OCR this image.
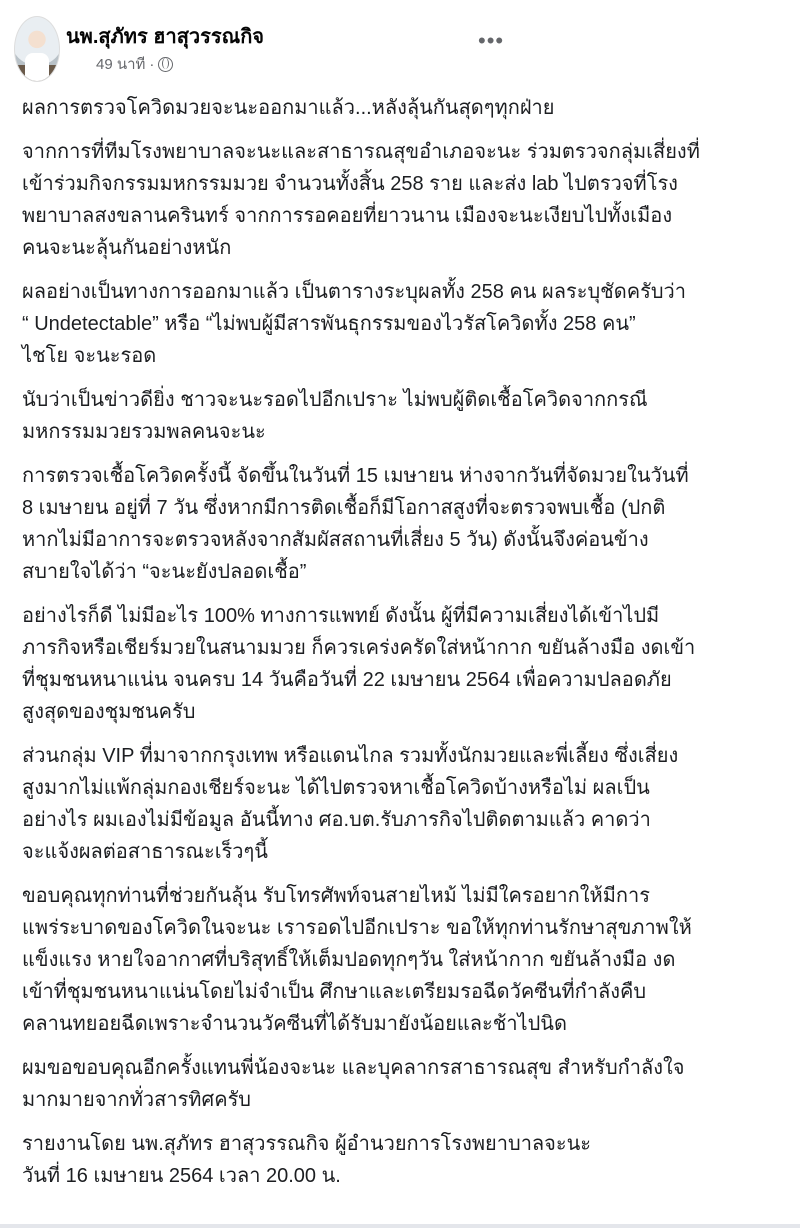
นพ.สุภัทร ฮาสุวรรณกิจ
49 นาที ·
•••

ผลการตรวจโควิดมวยจะนะออกมาแล้ว...หลังลุ้นกันสุดๆทุกฝ่าย

จากการที่ทีมโรงพยาบาลจะนะและสาธารณสุขอำเภอจะนะ ร่วมตรวจกลุ่มเสี่ยงที่
เข้าร่วมกิจกรรมมหกรรมมวย จำนวนทั้งสิ้น 258 ราย และส่ง lab ไปตรวจที่โรง
พยาบาลสงขลานครินทร์ จากการรอคอยที่ยาวนาน เมืองจะนะเงียบไปทั้งเมือง
คนจะนะลุ้นกันอย่างหนัก

ผลอย่างเป็นทางการออกมาแล้ว เป็นตารางระบุผลทั้ง 258 คน ผลระบุชัดครับว่า
“ Undetectable” หรือ “ไม่พบผู้มีสารพันธุกรรมของไวรัสโควิดทั้ง 258 คน”
ไชโย จะนะรอด

นับว่าเป็นข่าวดียิ่ง ชาวจะนะรอดไปอีกเปราะ ไม่พบผู้ติดเชื้อโควิดจากกรณี
มหกรรมมวยรวมพลคนจะนะ

การตรวจเชื้อโควิดครั้งนี้ จัดขึ้นในวันที่ 15 เมษายน ห่างจากวันที่จัดมวยในวันที่
8 เมษายน อยู่ที่ 7 วัน ซึ่งหากมีการติดเชื้อก็มีโอกาสสูงที่จะตรวจพบเชื้อ (ปกติ
หากไม่มีอาการจะตรวจหลังจากสัมผัสสถานที่เสี่ยง 5 วัน) ดังนั้นจึงค่อนข้าง
สบายใจได้ว่า “จะนะยังปลอดเชื้อ”

อย่างไรก็ดี ไม่มีอะไร 100% ทางการแพทย์ ดังนั้น ผู้ที่มีความเสี่ยงได้เข้าไปมี
ภารกิจหรือเชียร์มวยในสนามมวย ก็ควรเคร่งครัดใส่หน้ากาก ขยันล้างมือ งดเข้า
ที่ชุมชนหนาแน่น จนครบ 14 วันคือวันที่ 22 เมษายน 2564 เพื่อความปลอดภัย
สูงสุดของชุมชนครับ

ส่วนกลุ่ม VIP ที่มาจากกรุงเทพ หรือแดนไกล รวมทั้งนักมวยและพี่เลี้ยง ซึ่งเสี่ยง
สูงมากไม่แพ้กลุ่มกองเชียร์จะนะ ได้ไปตรวจหาเชื้อโควิดบ้างหรือไม่ ผลเป็น
อย่างไร ผมเองไม่มีข้อมูล อันนี้ทาง ศอ.บต.รับภารกิจไปติดตามแล้ว คาดว่า
จะแจ้งผลต่อสาธารณะเร็วๆนี้

ขอบคุณทุกท่านที่ช่วยกันลุ้น รับโทรศัพท์จนสายไหม้ ไม่มีใครอยากให้มีการ
แพร่ระบาดของโควิดในจะนะ เรารอดไปอีกเปราะ ขอให้ทุกท่านรักษาสุขภาพให้
แข็งแรง หายใจอากาศที่บริสุทธิ์ให้เต็มปอดทุกๆวัน ใส่หน้ากาก ขยันล้างมือ งด
เข้าที่ชุมชนหนาแน่นโดยไม่จำเป็น ศึกษาและเตรียมรอฉีดวัคซีนที่กำลังคืบ
คลานทยอยฉีดเพราะจำนวนวัคซีนที่ได้รับมายังน้อยและช้าไปนิด

ผมขอขอบคุณอีกครั้งแทนพี่น้องจะนะ และบุคลากรสาธารณสุข สำหรับกำลังใจ
มากมายจากทั่วสารทิศครับ

รายงานโดย นพ.สุภัทร ฮาสุวรรณกิจ ผู้อำนวยการโรงพยาบาลจะนะ
วันที่ 16 เมษายน 2564 เวลา 20.00 น.
